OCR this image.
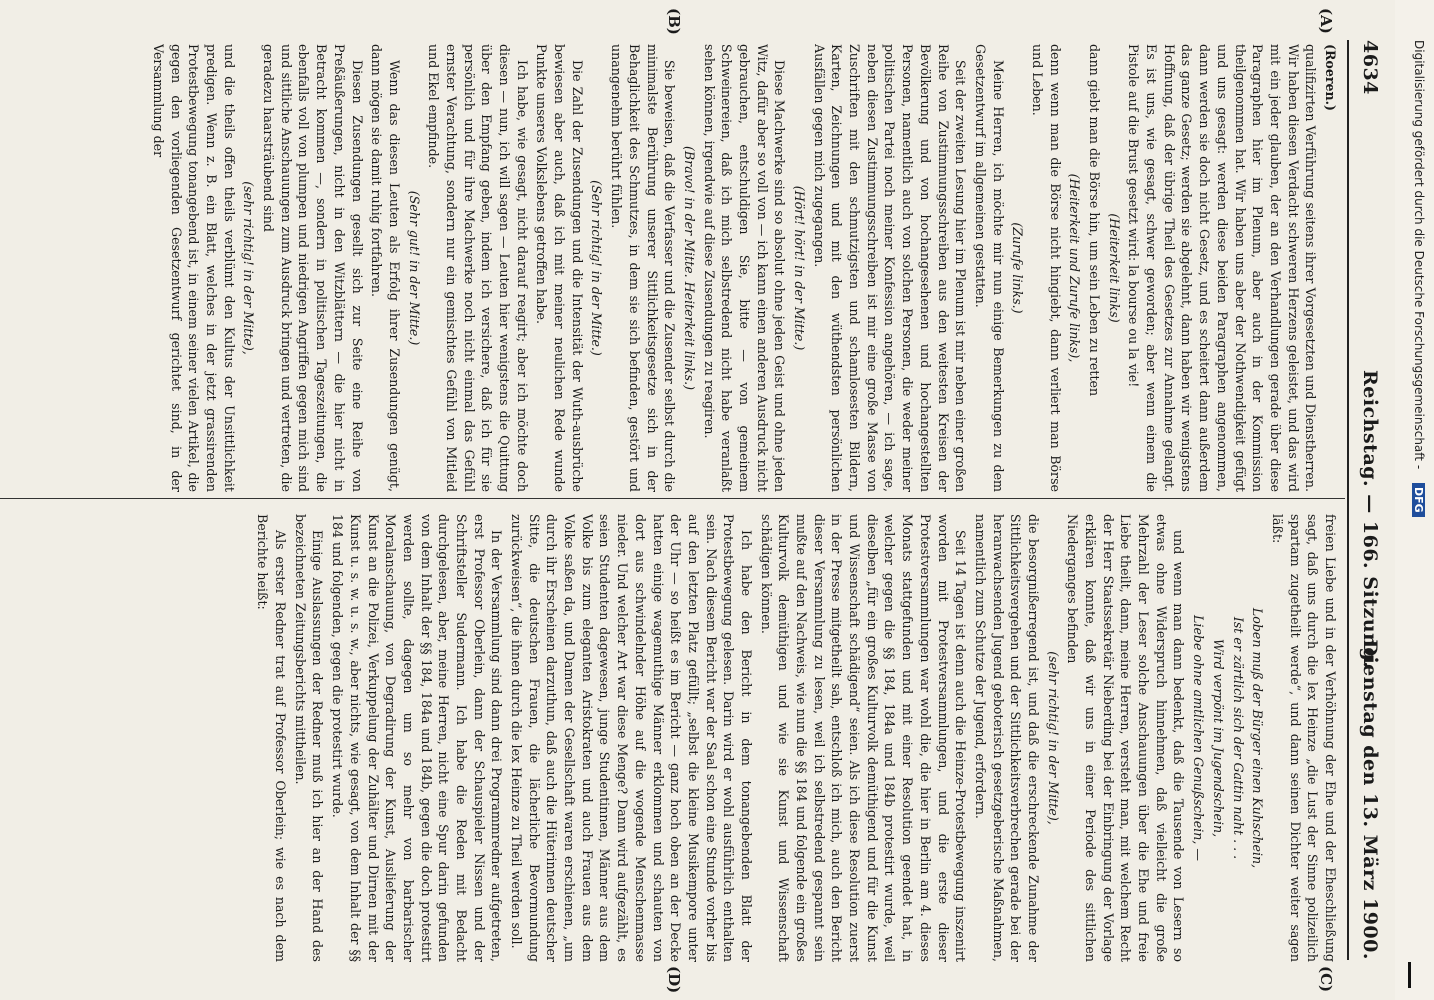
4634
Reichstag. — 166. Sitzung.
Dienstag den 13. März 1900.
(A)
(B)
(C)
(D)

(Roeren.)

qualifizirten Verführung seitens ihrer Vorgesetzten und Dienstherren. Wir haben diesen Verdacht schweren Herzens geleistet, und das wird mit ein jeder glauben, der an den Verhandlungen gerade über diese Paragraphen hier im Plenum, aber auch in der Kommission theilgenommen hat. Wir haben uns aber der Nothwendigkeit gefügt und uns gesagt: werden diese beiden Paragraphen angenommen, dann werden sie doch nicht Gesetz, und es scheitert dann außerdem das ganze Gesetz; werden sie abgelehnt, dann haben wir wenigstens Hoffnung, daß der übrige Theil des Gesetzes zur Annahme gelangt. Es ist uns, wie gesagt, schwer geworden; aber wenn einem die Pistole auf die Brust gesetzt wird: la bourse ou la vie!

(Heiterkeit links)

dann giebt man die Börse hin, um sein Leben zu retten

(Heiterkeit und Zurufe links),

denn wenn man die Börse nicht hingiebt, dann verliert man Börse und Leben.

(Zurufe links.)

Meine Herren, ich möchte mir nun einige Bemerkungen zu dem Gesetzentwurf im allgemeinen gestatten.

Seit der zweiten Lesung hier im Plenum ist mir neben einer großen Reihe von Zustimmungsschreiben aus den weitesten Kreisen der Bevölkerung und von hochangesehenen und hochangestellten Personen, namentlich auch von solchen Personen, die weder meiner politischen Partei noch meiner Konfession angehören, — ich sage, neben diesen Zustimmungsschreiben ist mir eine große Masse von Zuschriften mit den schmutzigsten und schamlosesten Bildern, Karten, Zeichnungen und mit den wüthendsten persönlichen Ausfällen gegen mich zugegangen.

(Hört! hört! in der Mitte.)

Diese Machwerke sind so absolut ohne jeden Geist und ohne jeden Witz, dafür aber so voll von — ich kann einen anderen Ausdruck nicht gebrauchen, entschuldigen Sie, bitte — von gemeinem Schweinereien, daß ich mich selbstredend nicht habe veranlaßt sehen können, irgendwie auf diese Zusendungen zu reagiren.

(Bravo! in der Mitte. Heiterkeit links.)

Sie beweisen, daß die Verfasser und die Zusender selbst durch die minimalste Berührung unserer Sittlichkeitsgesetze sich in der Behaglichkeit des Schmutzes, in dem sie sich befinden, gestört und unangenehm berührt fühlen.

(Sehr richtig! in der Mitte.)

Die Zahl der Zusendungen und die Intensität der Wuth-ausbrüche bewiesen aber auch, daß ich mit meiner neulichen Rede wunde Punkte unseres Volkslebens getroffen habe.

Ich habe, wie gesagt, nicht darauf reagirt; aber ich möchte doch diesen — nun, ich will sagen — Leuten hier wenigstens die Quittung über den Empfang geben, indem ich versichere, daß ich für sie persönlich und für ihre Machwerke noch nicht einmal das Gefühl ernster Verachtung, sondern nur ein gemischtes Gefühl von Mitleid und Ekel empfinde.

(Sehr gut! in der Mitte.)

Wenn das diesen Leuten als Erfolg ihrer Zusendungen genügt, dann mögen sie damit ruhig fortfahren.

Diesen Zusendungen gesellt sich zur Seite eine Reihe von Preßäußerungen, nicht in den Witzblättern — die hier nicht in Betracht kommen —, sondern in politischen Tageszeitungen, die ebenfalls voll von plumpen und niedrigen Angriffen gegen mich sind und sittliche Anschauungen zum Ausdruck bringen und vertreten, die geradezu haarsträubend sind

(sehr richtig! in der Mitte),

und die theils offen theils verblümt den Kultus der Unsittlichkeit predigen. Wenn z. B. ein Blatt, welches in der jetzt grassirenden Protestbewegung tonangebend ist, in einem seiner vielen Artikel, die gegen den vorliegenden Gesetzentwurf gerichtet sind, in der Versammlung der

freien Liebe und in der Verhöhnung der Ehe und der Eheschließung sagt, daß uns durch die lex Heinze „die Lust der Sinne polizeilich spartam zugetheilt werde“, und dann seinen Dichter weiter sagen läßt:

Loben muß der Bürger einen Kuhschein,

Ist er zärtlich sich der Gattin naht . . .

Wird verpönt im Jugendschein,

Liebe ohne amtlichen Genußschein, —

und wenn man dann bedenkt, daß die Tausende von Lesern so etwas ohne Widerspruch hinnehmen, daß vielleicht die große Mehrzahl der Leser solche Anschauungen über die Ehe und freie Liebe theilt, dann, meine Herren, versteht man, mit welchem Recht der Herr Staatssekretär Nieberding bei der Einbringung der Vorlage erklären konnte, daß wir uns in einer Periode des sittlichen Niederganges befinden

(sehr richtig! in der Mitte),

die besorgnißerregend ist, und daß die erschreckende Zunahme der Sittlichkeitsvergehen und der Sittlichkeitsverbrechen gerade bei der heranwachsenden Jugend geboterisch gesetzgeberische Maßnahmen, namentlich zum Schutze der Jugend, erfordern.

Seit 14 Tagen ist denn auch die Heinze-Protestbewegung inszenirt worden mit Protestversammlungen, und die erste dieser Protestversammlungen war wohl die, die hier in Berlin am 4. dieses Monats stattgefunden und mit einer Resolution geendet hat, in welcher gegen die §§ 184, 184a und 184b protestirt wurde, weil dieselben „für ein großes Kulturvolk demüthigend und für die Kunst und Wissenschaft schädigend“ seien. Als ich diese Resolution zuerst in der Presse mitgetheilt sah, entschloß ich mich, auch den Bericht dieser Versammlung zu lesen, weil ich selbstredend gespannt sein mußte auf den Nachweis, wie nun die §§ 184 und folgende ein großes Kulturvolk demüthigen und wie sie Kunst und Wissenschaft schädigen können.

Ich habe den Bericht in dem tonangebenden Blatt der Protestbewegung gelesen. Darin wird er wohl ausführlich enthalten sein. Nach diesem Bericht war der Saal schon eine Stunde vorher bis auf den letzten Platz gefüllt; „selbst die kleine Musikempore unter der Uhr — so heißt es im Bericht — ganz hoch oben an der Decke hatten einige wagemuthige Männer erklommen und schauten von dort aus schwindelnder Höhe auf die wogende Menschenmasse nieder. Und welcher Art war diese Menge? Dann wird aufgezählt, es seien Studenten dagewesen, junge Studentinnen, Männer aus dem Volke bis zum eleganten Aristokraten und auch Frauen aus dem Volke saßen da, und Damen der Gesellschaft waren erschienen, „um durch ihr Erscheinen darzuthun, daß auch die Hüterinnen deutscher Sitte, die deutschen Frauen, die lächerliche Bevormundung zurückweisen“, die ihnen durch die lex Heinze zu Theil werden soll.

In der Versammlung sind dann drei Programmredner aufgetreten, erst Professor Oberlein, dann der Schauspieler Nissen und der Schriftsteller Sudermann. Ich habe die Reden mit Bedacht durchgelesen, aber, meine Herren, nicht eine Spur darin gefunden von dem Inhalt der §§ 184, 184a und 184b, gegen die doch protestirt werden sollte, dagegen um so mehr von barbarischer Moralanschauung, von Degradirung der Kunst, Auslieferung der Kunst an die Polizei, Verkuppelung der Zuhälter und Dirnen mit der Kunst u. s. w. u. s. w., aber nichts, wie gesagt, von dem Inhalt der §§ 184 und folgenden, gegen die protestirt wurde.

Einige Auslassungen der Redner muß ich hier an der Hand des bezeichneten Zeitungsberichts mittheilen.

Als erster Redner trat auf Professor Oberlein; wie es nach dem Berichte heißt:

Digitalisierung gefördert durch die Deutsche Forschungsgemeinschaft - DFG
